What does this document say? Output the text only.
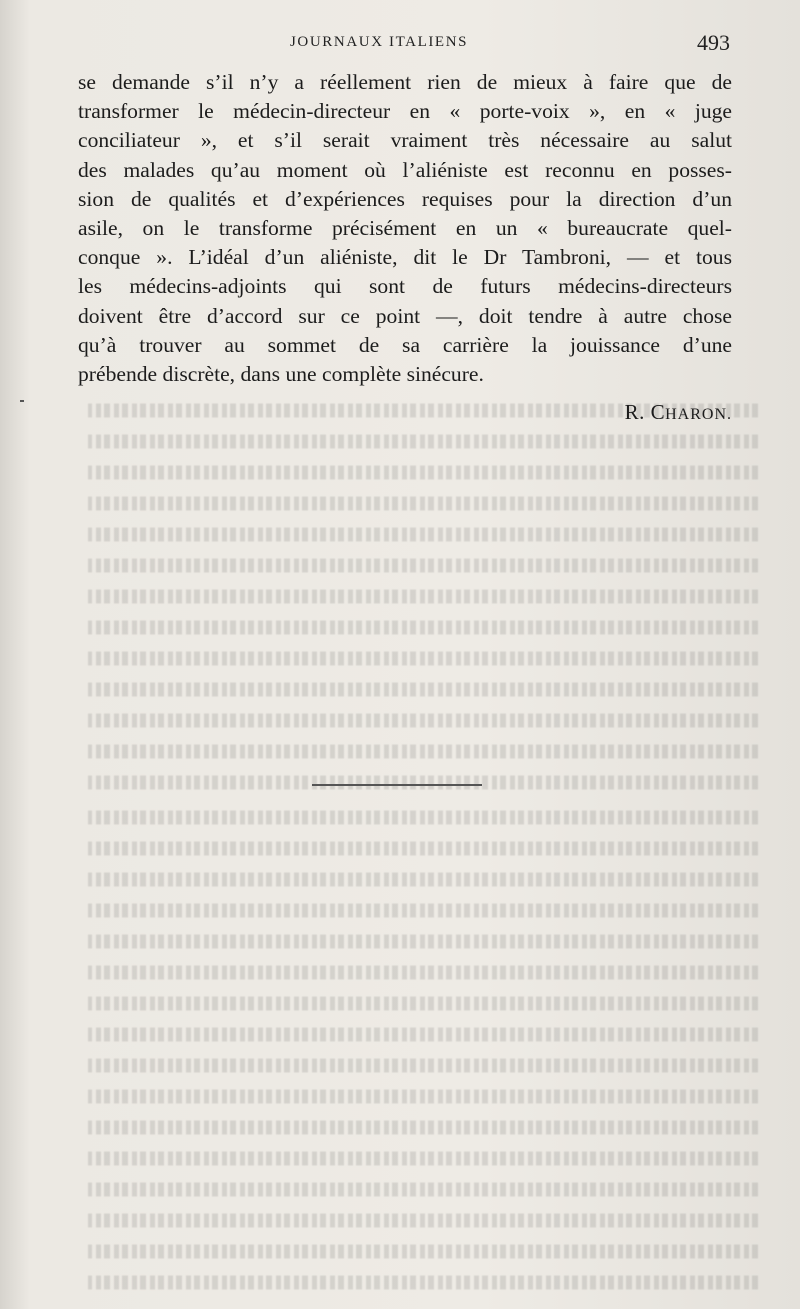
JOURNAUX ITALIENS	493
se demande s’il n’y a réellement rien de mieux à faire que de
transformer le médecin-directeur en « porte-voix », en « juge
conciliateur », et s’il serait vraiment très nécessaire au salut
des malades qu’au moment où l’aliéniste est reconnu en posses-
sion de qualités et d’expériences requises pour la direction d’un
asile, on le transforme précisément en un « bureaucrate quel-
conque ». L’idéal d’un aliéniste, dit le Dr Tambroni, — et tous
les médecins-adjoints qui sont de futurs médecins-directeurs
doivent être d’accord sur ce point —, doit tendre à autre chose
qu’à trouver au sommet de sa carrière la jouissance d’une
prébende discrète, dans une complète sinécure.
R. CHARON.
